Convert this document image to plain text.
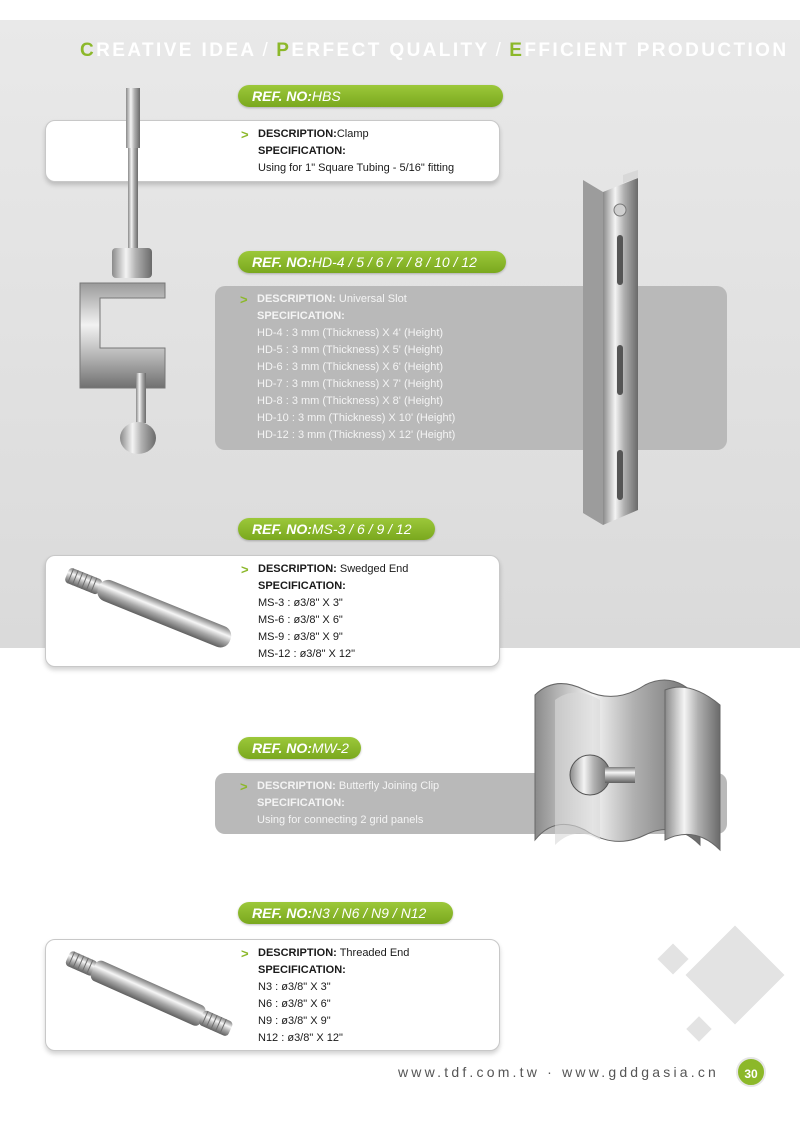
CREATIVE IDEA / PERFECT QUALITY / EFFICIENT PRODUCTION
REF. NO:HBS
> DESCRIPTION:Clamp
SPECIFICATION:
Using for 1" Square Tubing - 5/16" fitting
REF. NO:HD-4 / 5 / 6 / 7 / 8 / 10 / 12
> DESCRIPTION: Universal Slot
SPECIFICATION:
HD-4 : 3 mm (Thickness) X 4' (Height)
HD-5 : 3 mm (Thickness) X 5' (Height)
HD-6 : 3 mm (Thickness) X 6' (Height)
HD-7 : 3 mm (Thickness) X 7' (Height)
HD-8 : 3 mm (Thickness) X 8' (Height)
HD-10 : 3 mm (Thickness) X 10' (Height)
HD-12 : 3 mm (Thickness) X 12' (Height)
REF. NO:MS-3 / 6 / 9 / 12
> DESCRIPTION: Swedged End
SPECIFICATION:
MS-3 : ø3/8" X 3"
MS-6 : ø3/8" X 6"
MS-9 : ø3/8" X 9"
MS-12 : ø3/8" X 12"
REF. NO:MW-2
> DESCRIPTION: Butterfly Joining Clip
SPECIFICATION:
Using for connecting 2 grid panels
REF. NO:N3 / N6 / N9 / N12
> DESCRIPTION: Threaded End
SPECIFICATION:
N3 : ø3/8" X 3"
N6 : ø3/8" X 6"
N9 : ø3/8" X 9"
N12 : ø3/8" X 12"
www.tdf.com.tw · www.gddgasia.cn	30
